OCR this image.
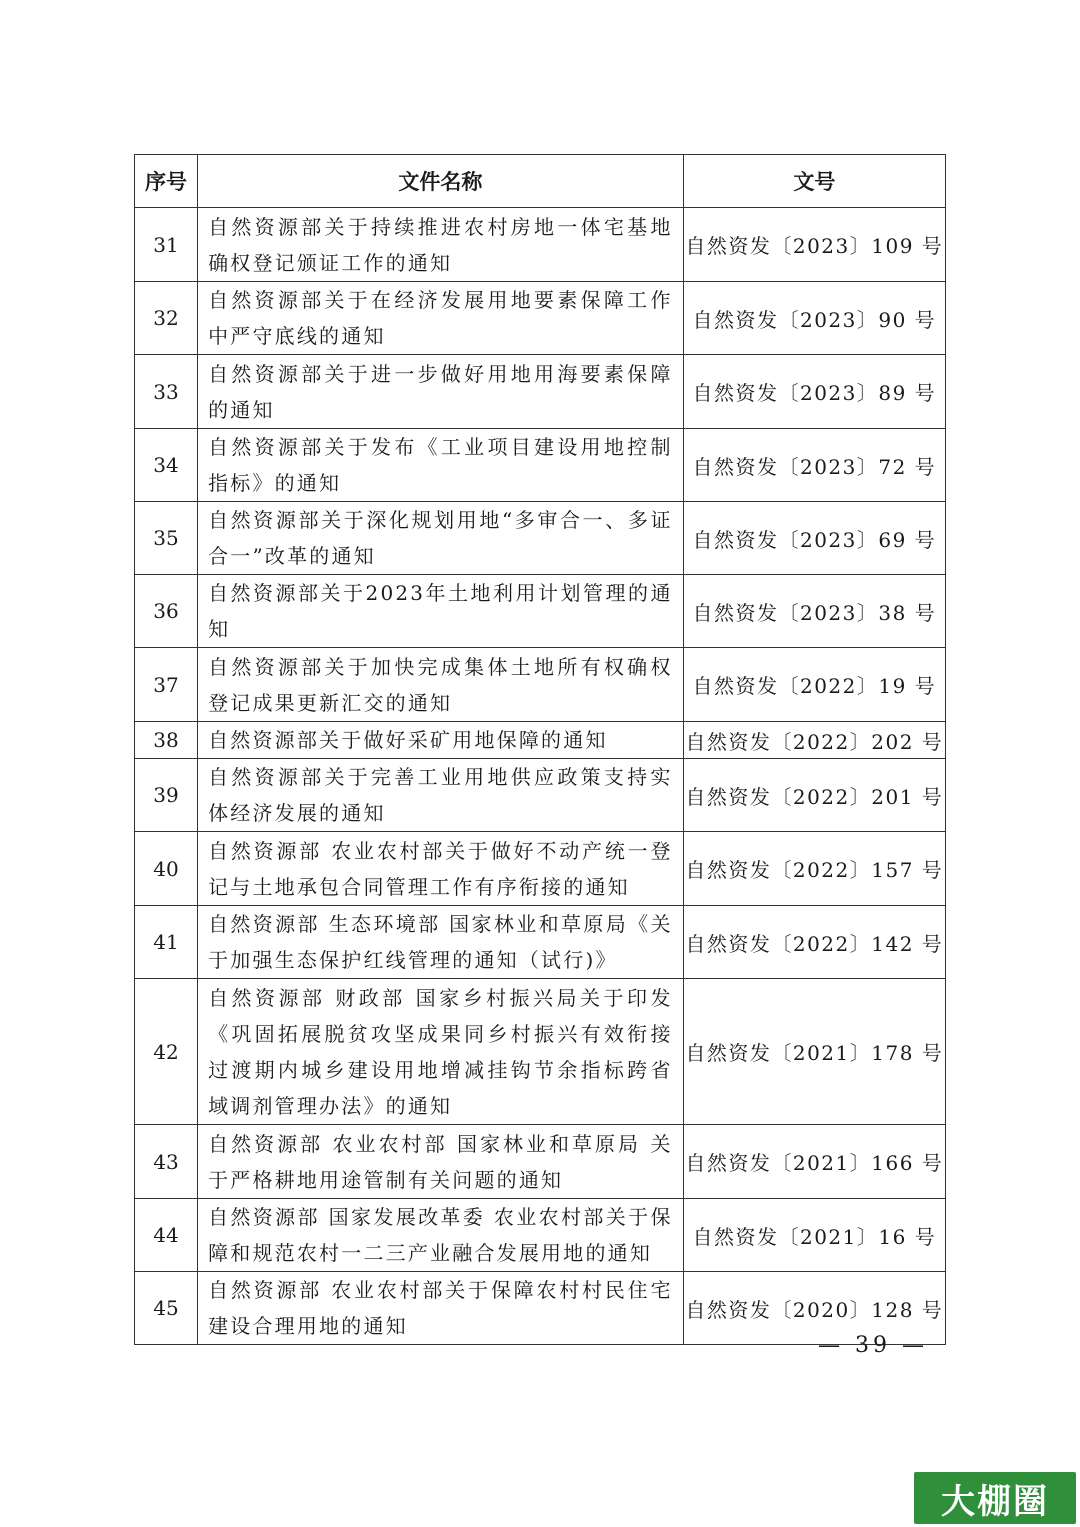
序号	文件名称	文号
31	自然资源部关于持续推进农村房地一体宅基地确权登记颁证工作的通知	自然资发〔2023〕109 号
32	自然资源部关于在经济发展用地要素保障工作中严守底线的通知	自然资发〔2023〕90 号
33	自然资源部关于进一步做好用地用海要素保障的通知	自然资发〔2023〕89 号
34	自然资源部关于发布《工业项目建设用地控制指标》的通知	自然资发〔2023〕72 号
35	自然资源部关于深化规划用地“多审合一、多证合一”改革的通知	自然资发〔2023〕69 号
36	自然资源部关于2023年土地利用计划管理的通知	自然资发〔2023〕38 号
37	自然资源部关于加快完成集体土地所有权确权登记成果更新汇交的通知	自然资发〔2022〕19 号
38	自然资源部关于做好采矿用地保障的通知	自然资发〔2022〕202 号
39	自然资源部关于完善工业用地供应政策支持实体经济发展的通知	自然资发〔2022〕201 号
40	自然资源部 农业农村部关于做好不动产统一登记与土地承包合同管理工作有序衔接的通知	自然资发〔2022〕157 号
41	自然资源部 生态环境部 国家林业和草原局《关于加强生态保护红线管理的通知（试行)》	自然资发〔2022〕142 号
42	自然资源部 财政部 国家乡村振兴局关于印发《巩固拓展脱贫攻坚成果同乡村振兴有效衔接过渡期内城乡建设用地增减挂钩节余指标跨省域调剂管理办法》的通知	自然资发〔2021〕178 号
43	自然资源部 农业农村部 国家林业和草原局 关于严格耕地用途管制有关问题的通知	自然资发〔2021〕166 号
44	自然资源部 国家发展改革委 农业农村部关于保障和规范农村一二三产业融合发展用地的通知	自然资发〔2021〕16 号
45	自然资源部 农业农村部关于保障农村村民住宅建设合理用地的通知	自然资发〔2020〕128 号
— 39 —
大棚圈
